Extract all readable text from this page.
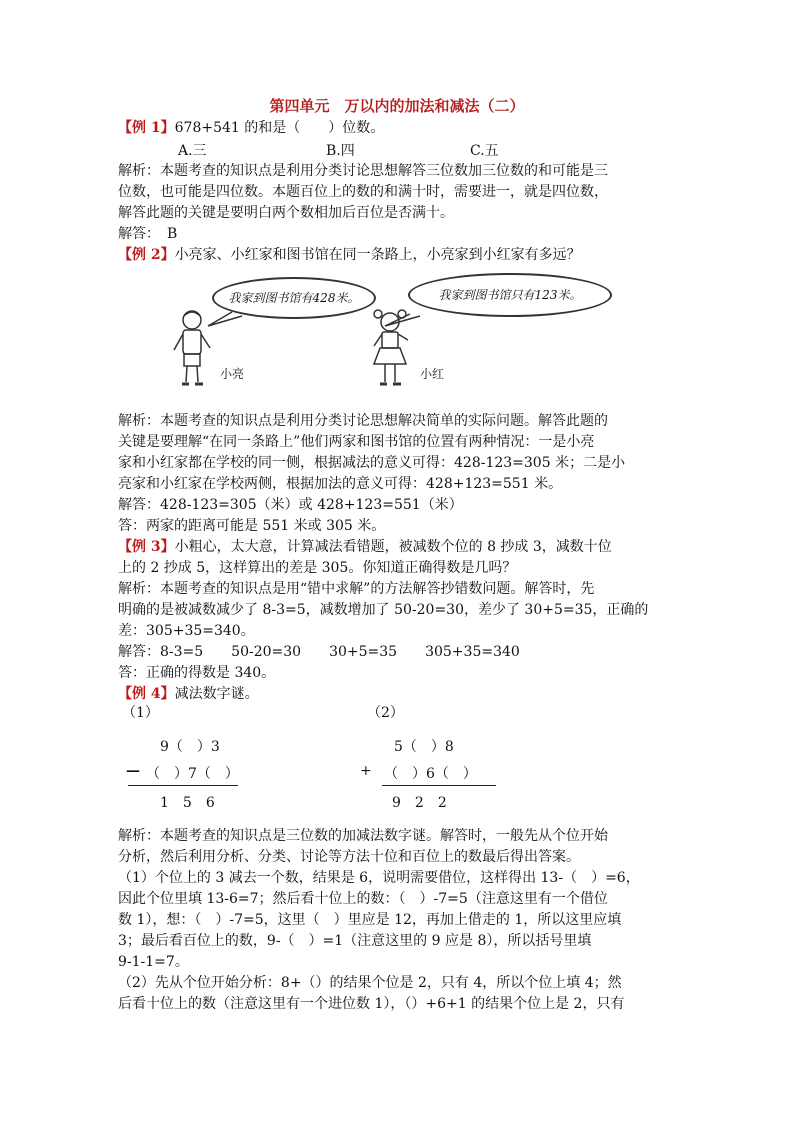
第四单元　万以内的加法和减法（二）
【例 1】678+541 的和是（　　）位数。
A.三	B.四	C.五
解析：本题考查的知识点是利用分类讨论思想解答三位数加三位数的和可能是三
位数，也可能是四位数。本题百位上的数的和满十时，需要进一，就是四位数，
解答此题的关键是要明白两个数相加后百位是否满十。
解答：　B
【例 2】小亮家、小红家和图书馆在同一条路上，小亮家到小红家有多远？
我家到图书馆有428米。	我家到图书馆只有123米。
小亮	小红
解析：本题考查的知识点是利用分类讨论思想解决简单的实际问题。解答此题的
关键是要理解“在同一条路上”他们两家和图书馆的位置有两种情况：一是小亮
家和小红家都在学校的同一侧，根据减法的意义可得：428-123=305 米；二是小
亮家和小红家在学校两侧，根据加法的意义可得：428+123=551 米。
解答：428-123=305（米）或 428+123=551（米）
答：两家的距离可能是 551 米或 305 米。
【例 3】小粗心，太大意，计算减法看错题，被减数个位的 8 抄成 3，减数十位
上的 2 抄成 5，这样算出的差是 305。你知道正确得数是几吗？
解析：本题考查的知识点是用“错中求解”的方法解答抄错数问题。解答时，先
明确的是被减数减少了 8-3=5，减数增加了 50-20=30，差少了 30+5=35，正确的
差：305+35=340。
解答：8-3=5　　50-20=30　　30+5=35　　305+35=340
答：正确的得数是 340。
【例 4】减法数字谜。
（1）
9（　）3
— （　）7（　）
1　5　6
（2）
5（　）8
+ （　）6（　）
9　2　2
解析：本题考查的知识点是三位数的加减法数字谜。解答时，一般先从个位开始
分析，然后利用分析、分类、讨论等方法十位和百位上的数最后得出答案。
（1）个位上的 3 减去一个数，结果是 6，说明需要借位，这样得出 13-（　）=6，
因此个位里填 13-6=7；然后看十位上的数：（　）-7=5（注意这里有一个借位
数 1），想：（　）-7=5，这里（　）里应是 12，再加上借走的 1，所以这里应填
3；最后看百位上的数，9-（　）=1（注意这里的 9 应是 8），所以括号里填
9-1-1=7。
（2）先从个位开始分析：8+（）的结果个位是 2，只有 4，所以个位上填 4；然
后看十位上的数（注意这里有一个进位数 1），（）+6+1 的结果个位上是 2，只有
